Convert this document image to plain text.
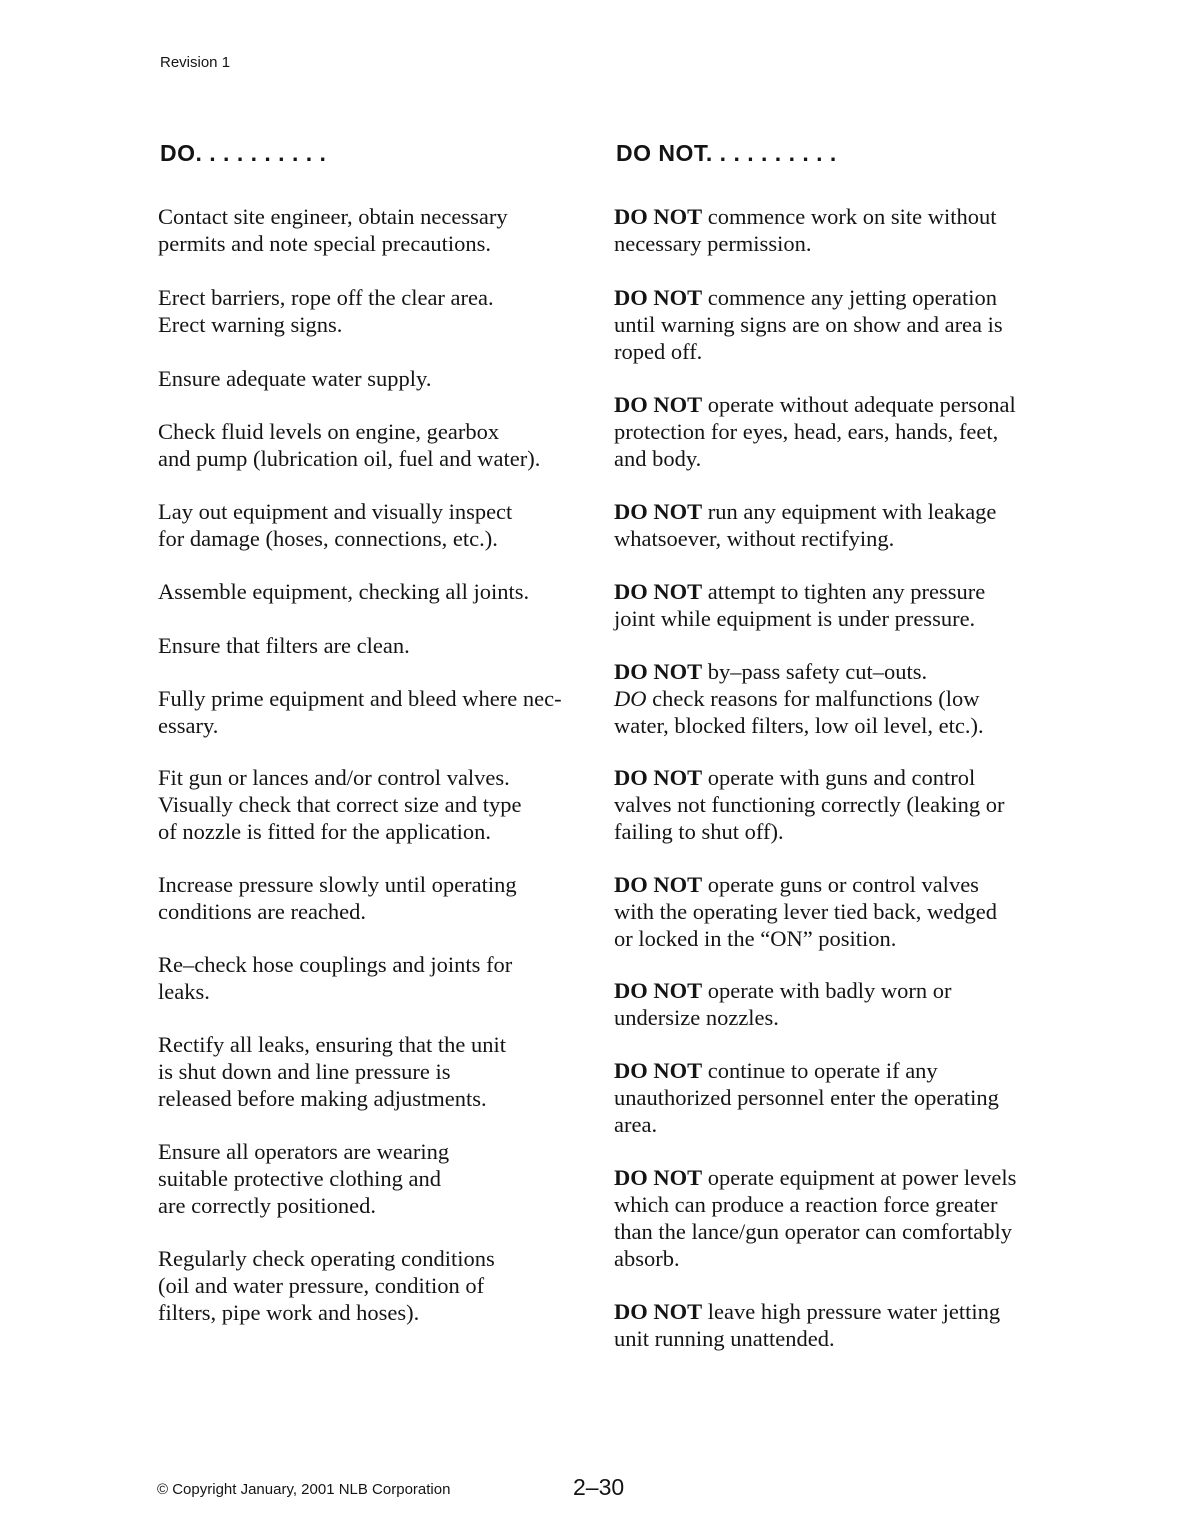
Revision 1
DO. . . . . . . . . .	DO NOT. . . . . . . . . .
Contact site engineer, obtain necessary
permits and note special precautions.
Erect barriers, rope off the clear area.
Erect warning signs.
Ensure adequate water supply.
Check fluid levels on engine, gearbox
and pump (lubrication oil, fuel and water).
Lay out equipment and visually inspect
for damage (hoses, connections, etc.).
Assemble equipment, checking all joints.
Ensure that filters are clean.
Fully prime equipment and bleed where nec-
essary.
Fit gun or lances and/or control valves.
Visually check that correct size and type
of nozzle is fitted for the application.
Increase pressure slowly until operating
conditions are reached.
Re–check hose couplings and joints for
leaks.
Rectify all leaks, ensuring that the unit
is shut down and line pressure is
released before making adjustments.
Ensure all operators are wearing
suitable protective clothing and
are correctly positioned.
Regularly check operating conditions
(oil and water pressure, condition of
filters, pipe work and hoses).
DO NOT commence work on site without
necessary permission.
DO NOT commence any jetting operation
until warning signs are on show and area is
roped off.
DO NOT operate without adequate personal
protection for eyes, head, ears, hands, feet,
and body.
DO NOT run any equipment with leakage
whatsoever, without rectifying.
DO NOT attempt to tighten any pressure
joint while equipment is under pressure.
DO NOT by–pass safety cut–outs.
DO check reasons for malfunctions (low
water, blocked filters, low oil level, etc.).
DO NOT operate with guns and control
valves not functioning correctly (leaking or
failing to shut off).
DO NOT operate guns or control valves
with the operating lever tied back, wedged
or locked in the “ON” position.
DO NOT operate with badly worn or
undersize nozzles.
DO NOT continue to operate if any
unauthorized personnel enter the operating
area.
DO NOT operate equipment at power levels
which can produce a reaction force greater
than the lance/gun operator can comfortably
absorb.
DO NOT leave high pressure water jetting
unit running unattended.
© Copyright January, 2001 NLB Corporation	2–30
